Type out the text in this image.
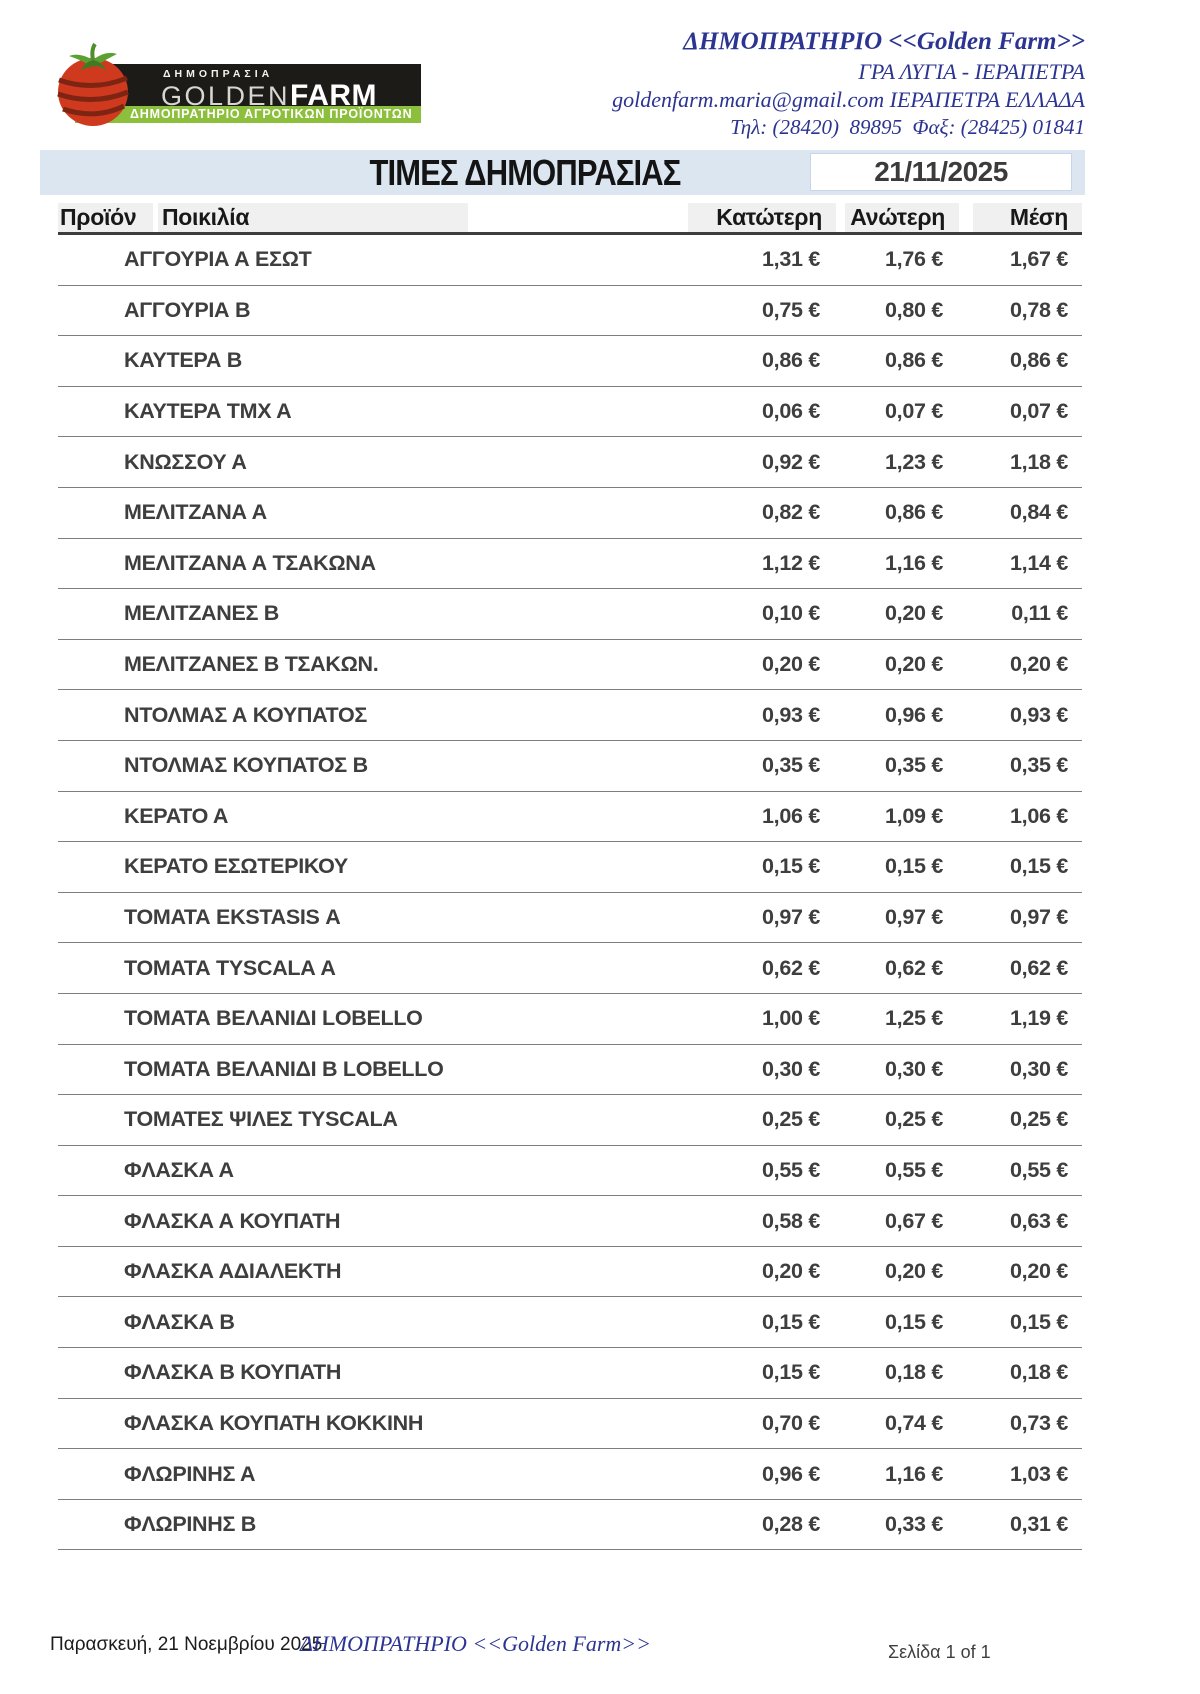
ΔΗΜΟΠΡΑΤΗΡΙΟ ΑΓΡΟΤΙΚΩΝ ΠΡΟΪΟΝΤΩΝ
ΔΗΜΟΠΡΑΣΙΑ
GOLDENFARM
ΔΗΜΟΠΡΑΤΗΡΙΟ <<Golden Farm>>
ΓΡΑ ΛΥΓΙΑ - ΙΕΡΑΠΕΤΡΑ
goldenfarm.maria@gmail.com ΙΕΡΑΠΕΤΡΑ ΕΛΛΑΔΑ
Τηλ: (28420)  89895  Φαξ: (28425) 01841
ΤΙΜΕΣ ΔΗΜΟΠΡΑΣΙΑΣ	21/11/2025
Προϊόν	Ποικιλία	Κατώτερη	Ανώτερη	Μέση
ΑΓΓΟΥΡΙΑ Α ΕΣΩΤ	1,31 €	1,76 €	1,67 €
ΑΓΓΟΥΡΙΑ Β	0,75 €	0,80 €	0,78 €
ΚΑΥΤΕΡΑ Β	0,86 €	0,86 €	0,86 €
ΚΑΥΤΕΡΑ ΤΜΧ Α	0,06 €	0,07 €	0,07 €
ΚΝΩΣΣΟΥ Α	0,92 €	1,23 €	1,18 €
ΜΕΛΙΤΖΑΝΑ Α	0,82 €	0,86 €	0,84 €
ΜΕΛΙΤΖΑΝΑ Α ΤΣΑΚΩΝΑ	1,12 €	1,16 €	1,14 €
ΜΕΛΙΤΖΑΝΕΣ Β	0,10 €	0,20 €	0,11 €
ΜΕΛΙΤΖΑΝΕΣ Β ΤΣΑΚΩΝ.	0,20 €	0,20 €	0,20 €
ΝΤΟΛΜΑΣ Α ΚΟΥΠΑΤΟΣ	0,93 €	0,96 €	0,93 €
ΝΤΟΛΜΑΣ ΚΟΥΠΑΤΟΣ Β	0,35 €	0,35 €	0,35 €
ΚΕΡΑΤΟ Α	1,06 €	1,09 €	1,06 €
ΚΕΡΑΤΟ ΕΣΩΤΕΡΙΚΟΥ	0,15 €	0,15 €	0,15 €
ΤΟΜΑΤΑ EKSTASIS Α	0,97 €	0,97 €	0,97 €
ΤΟΜΑΤΑ TYSCALA Α	0,62 €	0,62 €	0,62 €
ΤΟΜΑΤΑ ΒΕΛΑΝΙΔΙ LOBELLO	1,00 €	1,25 €	1,19 €
ΤΟΜΑΤΑ ΒΕΛΑΝΙΔΙ Β LOBELLO	0,30 €	0,30 €	0,30 €
ΤΟΜΑΤΕΣ ΨΙΛΕΣ TYSCALA	0,25 €	0,25 €	0,25 €
ΦΛΑΣΚΑ Α	0,55 €	0,55 €	0,55 €
ΦΛΑΣΚΑ Α ΚΟΥΠΑΤΗ	0,58 €	0,67 €	0,63 €
ΦΛΑΣΚΑ ΑΔΙΑΛΕΚΤΗ	0,20 €	0,20 €	0,20 €
ΦΛΑΣΚΑ Β	0,15 €	0,15 €	0,15 €
ΦΛΑΣΚΑ Β ΚΟΥΠΑΤΗ	0,15 €	0,18 €	0,18 €
ΦΛΑΣΚΑ ΚΟΥΠΑΤΗ ΚΟΚΚΙΝΗ	0,70 €	0,74 €	0,73 €
ΦΛΩΡΙΝΗΣ Α	0,96 €	1,16 €	1,03 €
ΦΛΩΡΙΝΗΣ Β	0,28 €	0,33 €	0,31 €
Παρασκευή, 21 Νοεμβρίου 2025
ΔΗΜΟΠΡΑΤΗΡΙΟ <<Golden Farm>>	Σελίδα 1 of 1
